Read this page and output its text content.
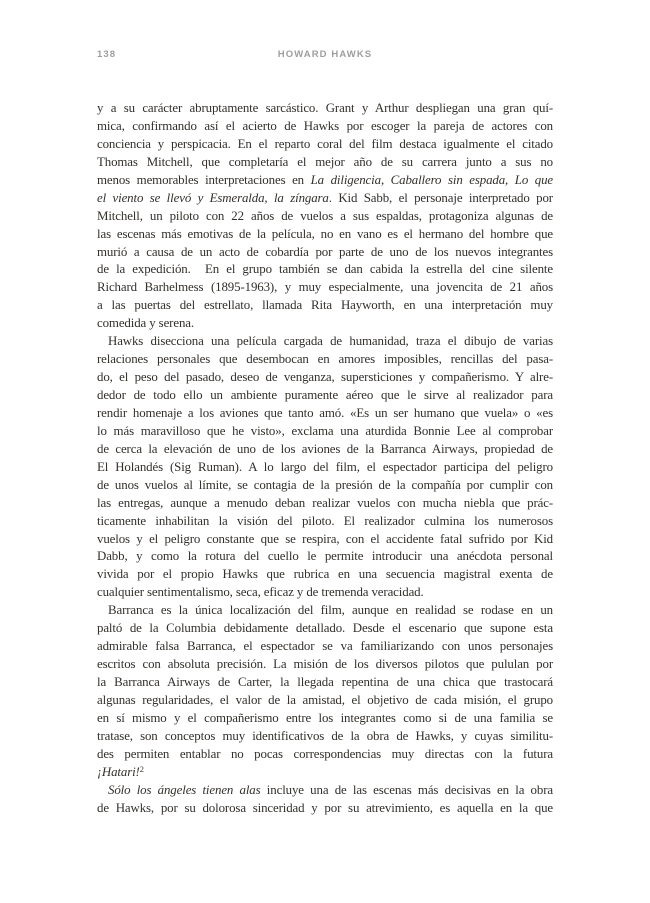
138	HOWARD HAWKS
y a su carácter abruptamente sarcástico. Grant y Arthur despliegan una gran quí-
mica, confirmando así el acierto de Hawks por escoger la pareja de actores con
conciencia y perspicacia. En el reparto coral del film destaca igualmente el citado
Thomas Mitchell, que completaría el mejor año de su carrera junto a sus no
menos memorables interpretaciones en La diligencia, Caballero sin espada, Lo que
el viento se llevó y Esmeralda, la zíngara. Kid Sabb, el personaje interpretado por
Mitchell, un piloto con 22 años de vuelos a sus espaldas, protagoniza algunas de
las escenas más emotivas de la película, no en vano es el hermano del hombre que
murió a causa de un acto de cobardía por parte de uno de los nuevos integrantes
de la expedición.  En el grupo también se dan cabida la estrella del cine silente
Richard Barhelmess (1895-1963), y muy especialmente, una jovencita de 21 años
a las puertas del estrellato, llamada Rita Hayworth, en una interpretación muy
comedida y serena.
Hawks disecciona una película cargada de humanidad, traza el dibujo de varias
relaciones personales que desembocan en amores imposibles, rencillas del pasa-
do, el peso del pasado, deseo de venganza, supersticiones y compañerismo. Y alre-
dedor de todo ello un ambiente puramente aéreo que le sirve al realizador para
rendir homenaje a los aviones que tanto amó. «Es un ser humano que vuela» o «es
lo más maravilloso que he visto», exclama una aturdida Bonnie Lee al comprobar
de cerca la elevación de uno de los aviones de la Barranca Airways, propiedad de
El Holandés (Sig Ruman). A lo largo del film, el espectador participa del peligro
de unos vuelos al límite, se contagia de la presión de la compañía por cumplir con
las entregas, aunque a menudo deban realizar vuelos con mucha niebla que prác-
ticamente inhabilitan la visión del piloto. El realizador culmina los numerosos
vuelos y el peligro constante que se respira, con el accidente fatal sufrido por Kid
Dabb, y como la rotura del cuello le permite introducir una anécdota personal
vivida por el propio Hawks que rubrica en una secuencia magistral exenta de
cualquier sentimentalismo, seca, eficaz y de tremenda veracidad.
Barranca es la única localización del film, aunque en realidad se rodase en un
paltó de la Columbia debidamente detallado. Desde el escenario que supone esta
admirable falsa Barranca, el espectador se va familiarizando con unos personajes
escritos con absoluta precisión. La misión de los diversos pilotos que pululan por
la Barranca Airways de Carter, la llegada repentina de una chica que trastocará
algunas regularidades, el valor de la amistad, el objetivo de cada misión, el grupo
en sí mismo y el compañerismo entre los integrantes como si de una familia se
tratase, son conceptos muy identificativos de la obra de Hawks, y cuyas similitu-
des permiten entablar no pocas correspondencias muy directas con la futura
¡Hatari!$^2$
Sólo los ángeles tienen alas incluye una de las escenas más decisivas en la obra
de Hawks, por su dolorosa sinceridad y por su atrevimiento, es aquella en la que
